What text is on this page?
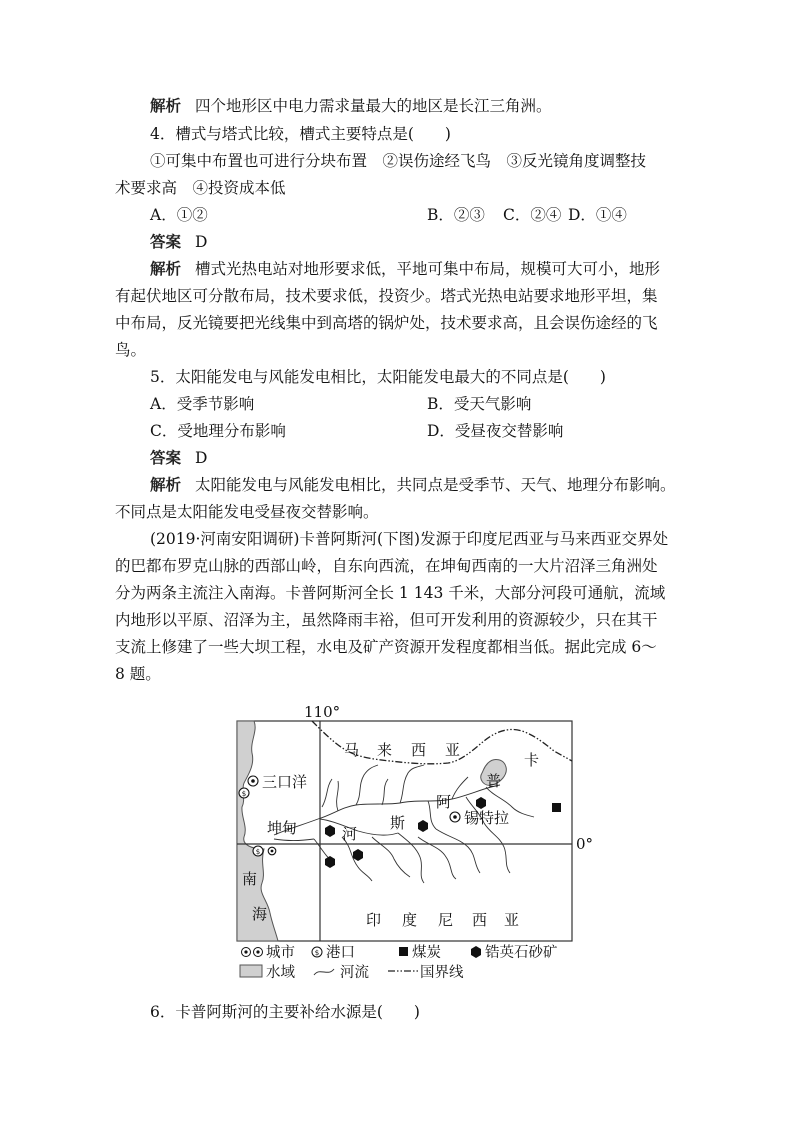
解析 四个地形区中电力需求量最大的地区是长江三角洲。
4．槽式与塔式比较，槽式主要特点是(　　)
①可集中布置也可进行分块布置　②误伤途经飞鸟　③反光镜角度调整技
术要求高　④投资成本低
A．①②	B．②③ C．②④ D．①④
答案 D
解析 槽式光热电站对地形要求低，平地可集中布局，规模可大可小，地形
有起伏地区可分散布局，技术要求低，投资少。塔式光热电站要求地形平坦，集
中布局，反光镜要把光线集中到高塔的锅炉处，技术要求高，且会误伤途经的飞
鸟。
5．太阳能发电与风能发电相比，太阳能发电最大的不同点是(　　)
A．受季节影响	B．受天气影响
C．受地理分布影响	D．受昼夜交替影响
答案 D
解析 太阳能发电与风能发电相比，共同点是受季节、天气、地理分布影响。
不同点是太阳能发电受昼夜交替影响。
(2019·河南安阳调研)卡普阿斯河(下图)发源于印度尼西亚与马来西亚交界处
的巴都布罗克山脉的西部山岭，自东向西流，在坤甸西南的一大片沼泽三角洲处
分为两条主流注入南海。卡普阿斯河全长 1 143 千米，大部分河段可通航，流域
内地形以平原、沼泽为主，虽然降雨丰裕，但可开发利用的资源较少，只在其干
支流上修建了一些大坝工程，水电及矿产资源开发程度都相当低。据此完成 6～
8 题。
110°
0°
$
$
马 来 西 亚
卡
普
阿
斯
河
三口洋
坤甸
锡特拉
南
海	印 度 尼 西 亚
城市	$ 港口	煤炭	锆英石砂矿
水域	河流	国界线
6．卡普阿斯河的主要补给水源是(　　)
